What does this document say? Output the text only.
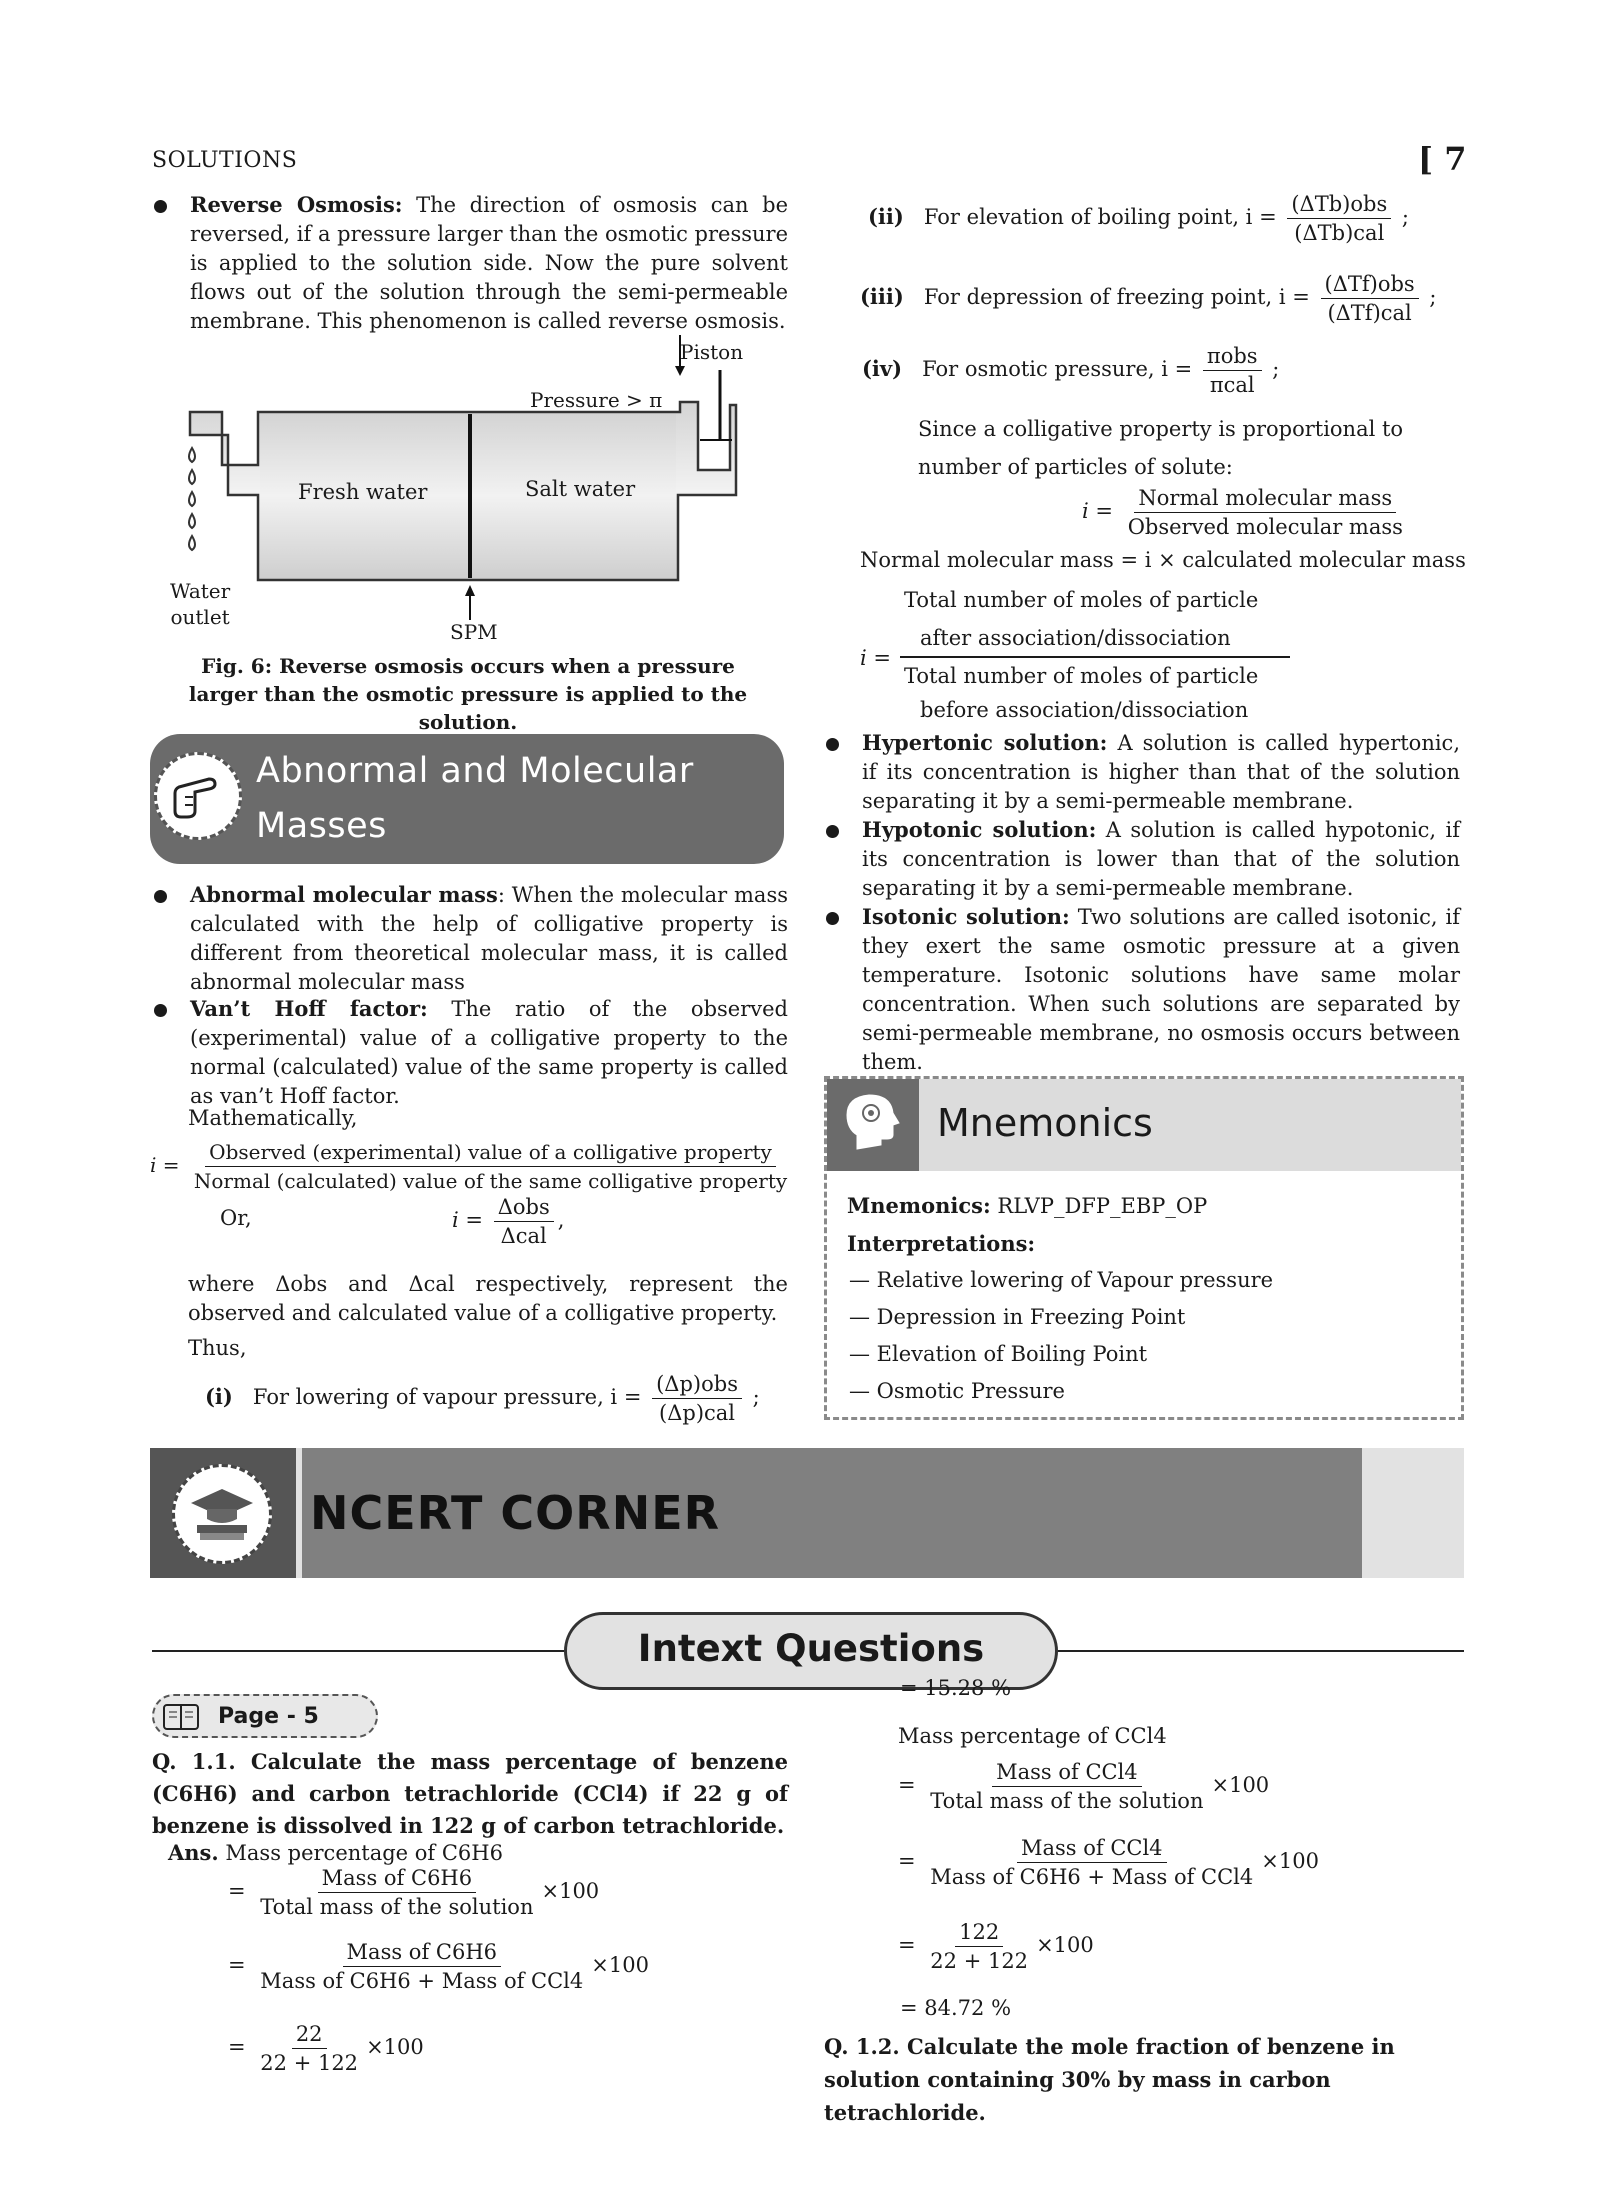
SOLUTIONS	[ 7

Reverse Osmosis: The direction of osmosis can be reversed, if a pressure larger than the osmotic pressure is applied to the solution side. Now the pure solvent flows out of the solution through the semi-permeable membrane. This phenomenon is called reverse osmosis.

Piston
Pressure > π
Fresh water	Salt water
Water
outlet
SPM
Fig. 6: Reverse osmosis occurs when a pressure larger than the osmotic pressure is applied to the solution.
Abnormal and Molecular
Masses

Abnormal molecular mass: When the molecular mass calculated with the help of colligative property is different from theoretical molecular mass, it is called abnormal molecular mass

Van’t Hoff factor: The ratio of the observed (experimental) value of a colligative property to the normal (calculated) value of the same property is called as van’t Hoff factor.

Mathematically,
$i = \frac{\text{Observed (experimental) value of a colligative property}}{\text{Normal (calculated) value of the same colligative property}}$
Or,	$i = \frac{\text{Δobs}}{\text{Δcal}}$ ,

where Δobs and Δcal respectively, represent the observed and calculated value of a colligative property.

Thus,
(i) For lowering of vapour pressure, $i = \frac{\text{(Δp)obs}}{\text{(Δp)cal}}$ ;
(ii) For elevation of boiling point, $i = \frac{\text{(ΔTb)obs}}{\text{(ΔTb)cal}}$ ;
(iii) For depression of freezing point, $i = \frac{\text{(ΔTf)obs}}{\text{(ΔTf)cal}}$ ;
(iv) For osmotic pressure, $i = \frac{\text{πobs}}{\text{πcal}}$ ;
Since a colligative property is proportional to number of particles of solute:
$i = \frac{\text{Normal molecular mass}}{\text{Observed molecular mass}}$
Normal molecular mass = i × calculated molecular mass
i =
Total number of moles of particle
after association/dissociation
Total number of moles of particle
before association/dissociation

Hypertonic solution: A solution is called hypertonic, if its concentration is higher than that of the solution separating it by a semi-permeable membrane.

Hypotonic solution: A solution is called hypotonic, if its concentration is lower than that of the solution separating it by a semi-permeable membrane.

Isotonic solution: Two solutions are called isotonic, if they exert the same osmotic pressure at a given temperature. Isotonic solutions have same molar concentration. When such solutions are separated by semi-permeable membrane, no osmosis occurs between them.

Mnemonics
Mnemonics: RLVP_DFP_EBP_OP
Interpretations:
— Relative lowering of Vapour pressure
— Depression in Freezing Point
— Elevation of Boiling Point
— Osmotic Pressure
NCERT CORNER
Intext Questions
Page - 5
Q. 1.1. Calculate the mass percentage of benzene (C6H6) and carbon tetrachloride (CCl4) if 22 g of benzene is dissolved in 122 g of carbon tetrachloride.
Ans. Mass percentage of C6H6
= $\frac{\text{Mass of C6H6}}{\text{Total mass of the solution}} \times 100$
= $\frac{\text{Mass of C6H6}}{\text{Mass of C6H6 + Mass of CCl4}} \times 100$
= $\frac{22}{22 + 122} \times 100$
= 15.28 %
Mass percentage of CCl4
= $\frac{\text{Mass of CCl4}}{\text{Total mass of the solution}} \times 100$
= $\frac{\text{Mass of CCl4}}{\text{Mass of C6H6 + Mass of CCl4}} \times 100$
= $\frac{122}{22 + 122} \times 100$
= 84.72 %
Q. 1.2. Calculate the mole fraction of benzene in solution containing 30% by mass in carbon tetrachloride.
